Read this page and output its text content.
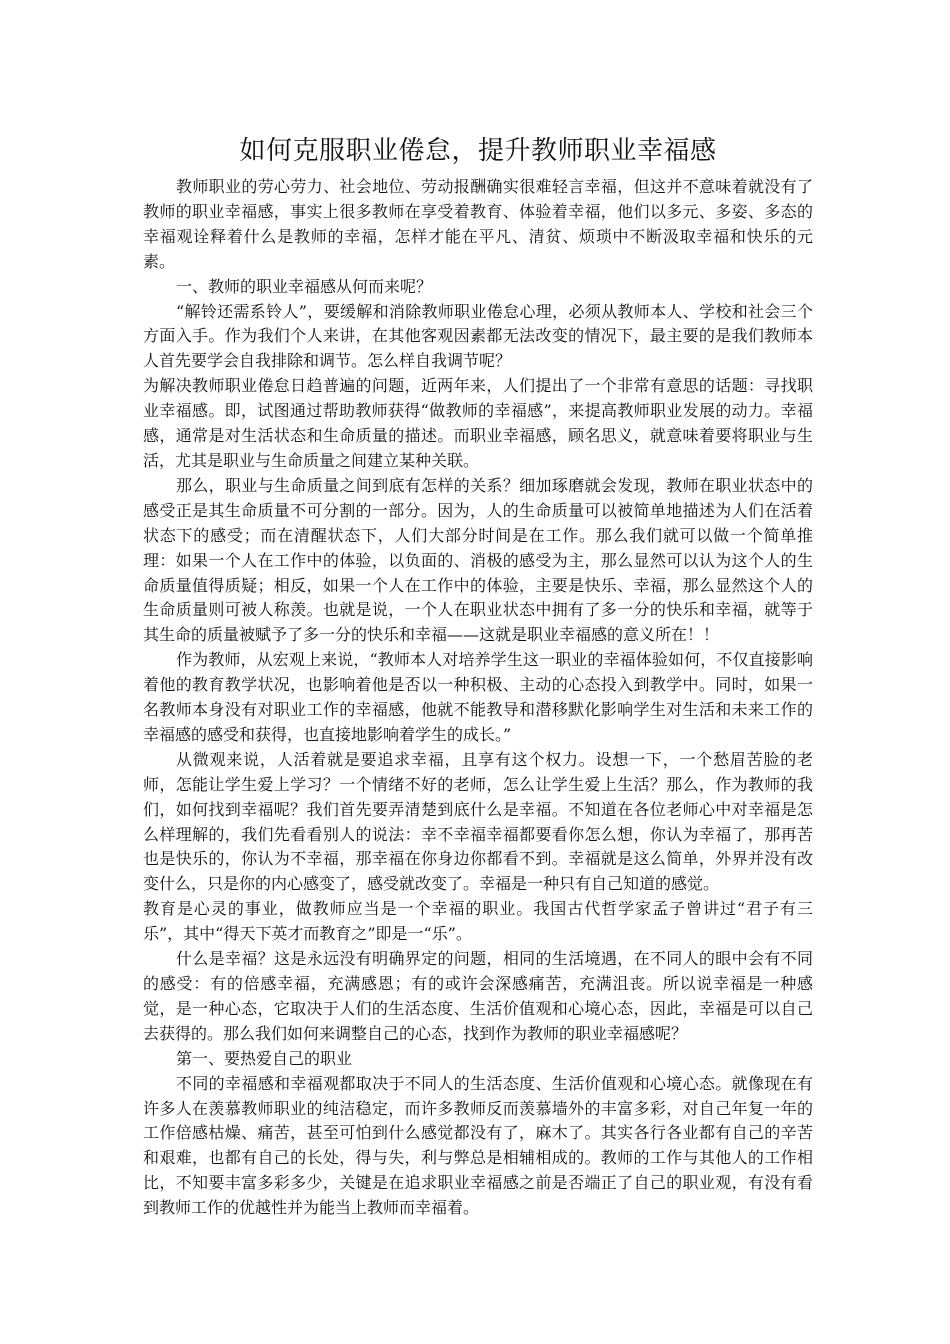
如何克服职业倦怠，提升教师职业幸福感

教师职业的劳心劳力、社会地位、劳动报酬确实很难轻言幸福，但这并不意味着就没有了教师的职业幸福感，事实上很多教师在享受着教育、体验着幸福，他们以多元、多姿、多态的幸福观诠释着什么是教师的幸福，怎样才能在平凡、清贫、烦琐中不断汲取幸福和快乐的元素。

一、教师的职业幸福感从何而来呢？

“解铃还需系铃人”，要缓解和消除教师职业倦怠心理，必须从教师本人、学校和社会三个方面入手。作为我们个人来讲，在其他客观因素都无法改变的情况下，最主要的是我们教师本人首先要学会自我排除和调节。怎么样自我调节呢？

为解决教师职业倦怠日趋普遍的问题，近两年来，人们提出了一个非常有意思的话题：寻找职业幸福感。即，试图通过帮助教师获得“做教师的幸福感”，来提高教师职业发展的动力。幸福感，通常是对生活状态和生命质量的描述。而职业幸福感，顾名思义，就意味着要将职业与生活，尤其是职业与生命质量之间建立某种关联。

那么，职业与生命质量之间到底有怎样的关系？细加琢磨就会发现，教师在职业状态中的感受正是其生命质量不可分割的一部分。因为，人的生命质量可以被简单地描述为人们在活着状态下的感受；而在清醒状态下，人们大部分时间是在工作。那么我们就可以做一个简单推理：如果一个人在工作中的体验，以负面的、消极的感受为主，那么显然可以认为这个人的生命质量值得质疑；相反，如果一个人在工作中的体验，主要是快乐、幸福，那么显然这个人的生命质量则可被人称羡。也就是说，一个人在职业状态中拥有了多一分的快乐和幸福，就等于其生命的质量被赋予了多一分的快乐和幸福——这就是职业幸福感的意义所在！！

作为教师，从宏观上来说，“教师本人对培养学生这一职业的幸福体验如何，不仅直接影响着他的教育教学状况，也影响着他是否以一种积极、主动的心态投入到教学中。同时，如果一名教师本身没有对职业工作的幸福感，他就不能教导和潜移默化影响学生对生活和未来工作的幸福感的感受和获得，也直接地影响着学生的成长。”

从微观来说，人活着就是要追求幸福，且享有这个权力。设想一下，一个愁眉苦脸的老师，怎能让学生爱上学习？一个情绪不好的老师，怎么让学生爱上生活？那么，作为教师的我们，如何找到幸福呢？我们首先要弄清楚到底什么是幸福。不知道在各位老师心中对幸福是怎么样理解的，我们先看看别人的说法：幸不幸福幸福都要看你怎么想，你认为幸福了，那再苦也是快乐的，你认为不幸福，那幸福在你身边你都看不到。幸福就是这么简单，外界并没有改变什么，只是你的内心感变了，感受就改变了。幸福是一种只有自己知道的感觉。

教育是心灵的事业，做教师应当是一个幸福的职业。我国古代哲学家孟子曾讲过“君子有三乐”，其中“得天下英才而教育之”即是一“乐”。

什么是幸福？这是永远没有明确界定的问题，相同的生活境遇，在不同人的眼中会有不同的感受：有的倍感幸福，充满感恩；有的或许会深感痛苦，充满沮丧。所以说幸福是一种感觉，是一种心态，它取决于人们的生活态度、生活价值观和心境心态，因此，幸福是可以自己去获得的。那么我们如何来调整自己的心态，找到作为教师的职业幸福感呢？

第一、要热爱自己的职业

不同的幸福感和幸福观都取决于不同人的生活态度、生活价值观和心境心态。就像现在有许多人在羡慕教师职业的纯洁稳定，而许多教师反而羡慕墙外的丰富多彩，对自己年复一年的工作倍感枯燥、痛苦，甚至可怕到什么感觉都没有了，麻木了。其实各行各业都有自己的辛苦和艰难，也都有自己的长处，得与失，利与弊总是相辅相成的。教师的工作与其他人的工作相比，不知要丰富多彩多少，关键是在追求职业幸福感之前是否端正了自己的职业观，有没有看到教师工作的优越性并为能当上教师而幸福着。
